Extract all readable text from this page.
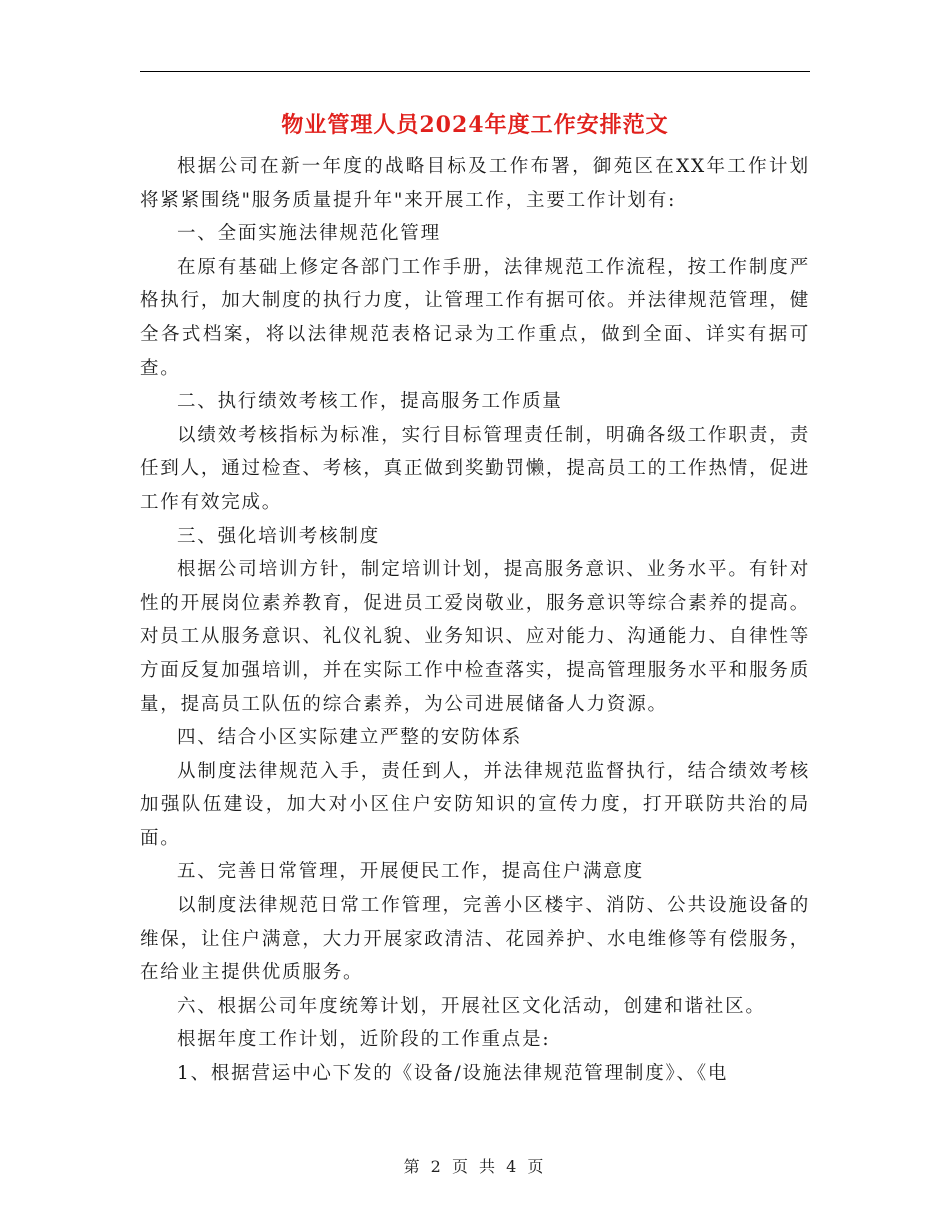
物业管理人员2024年度工作安排范文

根据公司在新一年度的战略目标及工作布署，御苑区在XX年工作计划将紧紧围绕"服务质量提升年"来开展工作，主要工作计划有:

一、全面实施法律规范化管理

在原有基础上修定各部门工作手册，法律规范工作流程，按工作制度严格执行，加大制度的执行力度，让管理工作有据可依。并法律规范管理，健全各式档案，将以法律规范表格记录为工作重点，做到全面、详实有据可查。

二、执行绩效考核工作，提高服务工作质量

以绩效考核指标为标准，实行目标管理责任制，明确各级工作职责，责任到人，通过检查、考核，真正做到奖勤罚懒，提高员工的工作热情，促进工作有效完成。

三、强化培训考核制度

根据公司培训方针，制定培训计划，提高服务意识、业务水平。有针对性的开展岗位素养教育，促进员工爱岗敬业，服务意识等综合素养的提高。对员工从服务意识、礼仪礼貌、业务知识、应对能力、沟通能力、自律性等方面反复加强培训，并在实际工作中检查落实，提高管理服务水平和服务质量，提高员工队伍的综合素养，为公司进展储备人力资源。

四、结合小区实际建立严整的安防体系

从制度法律规范入手，责任到人，并法律规范监督执行，结合绩效考核加强队伍建设，加大对小区住户安防知识的宣传力度，打开联防共治的局面。

五、完善日常管理，开展便民工作，提高住户满意度

以制度法律规范日常工作管理，完善小区楼宇、消防、公共设施设备的维保，让住户满意，大力开展家政清洁、花园养护、水电维修等有偿服务，在给业主提供优质服务。

六、根据公司年度统筹计划，开展社区文化活动，创建和谐社区。

根据年度工作计划，近阶段的工作重点是:

1、根据营运中心下发的《设备/设施法律规范管理制度》、《电

第 2 页 共 4 页
